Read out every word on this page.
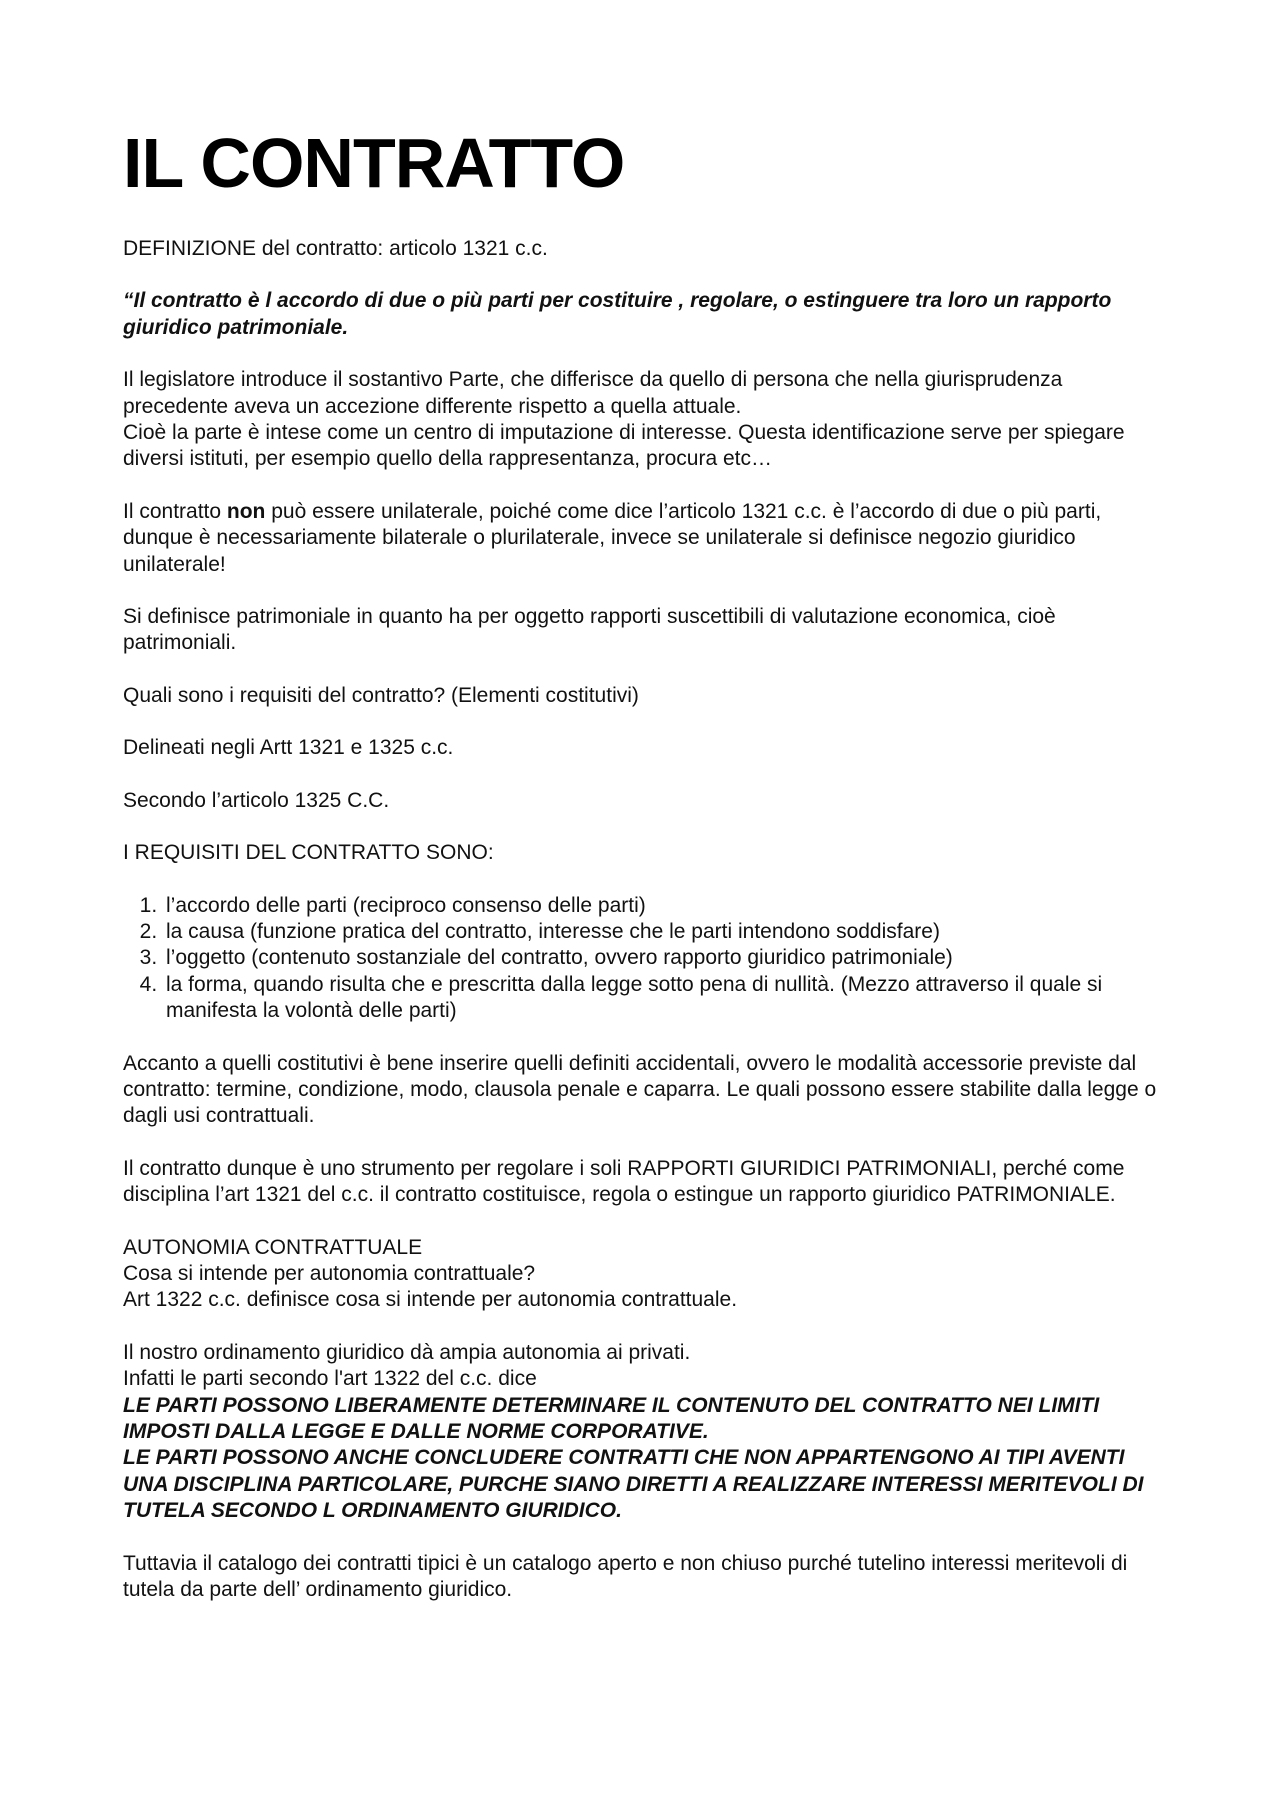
IL CONTRATTO

DEFINIZIONE del contratto: articolo 1321 c.c.

“Il contratto è l accordo di due o più parti per costituire , regolare, o estinguere tra loro un rapporto giuridico patrimoniale.

Il legislatore introduce il sostantivo Parte, che differisce da quello di persona che nella giurisprudenza precedente aveva un accezione differente rispetto a quella attuale.

Cioè la parte è intese come un centro di imputazione di interesse. Questa identificazione serve per spiegare diversi istituti, per esempio quello della rappresentanza, procura etc…

Il contratto non può essere unilaterale, poiché come dice l’articolo 1321 c.c. è l’accordo di due o più parti, dunque è necessariamente bilaterale o plurilaterale, invece se unilaterale si definisce negozio giuridico unilaterale!

Si definisce patrimoniale in quanto ha per oggetto rapporti suscettibili di valutazione economica, cioè patrimoniali.

Quali sono i requisiti del contratto? (Elementi costitutivi)

Delineati negli Artt 1321 e 1325 c.c.

Secondo l’articolo 1325 C.C.

I REQUISITI DEL CONTRATTO SONO:

1. l’accordo delle parti (reciproco consenso delle parti)
2. la causa (funzione pratica del contratto, interesse che le parti intendono soddisfare)
3. l’oggetto (contenuto sostanziale del contratto, ovvero rapporto giuridico patrimoniale)
4. la forma, quando risulta che e prescritta dalla legge sotto pena di nullità. (Mezzo attraverso il quale si manifesta la volontà delle parti)

Accanto a quelli costitutivi è bene inserire quelli definiti accidentali, ovvero le modalità accessorie previste dal contratto: termine, condizione, modo, clausola penale e caparra. Le quali possono essere stabilite dalla legge o dagli usi contrattuali.

Il contratto dunque è uno strumento per regolare i soli RAPPORTI GIURIDICI PATRIMONIALI, perché come disciplina l’art 1321 del c.c. il contratto costituisce, regola o estingue un rapporto giuridico PATRIMONIALE.

AUTONOMIA CONTRATTUALE

Cosa si intende per autonomia contrattuale?

Art 1322 c.c. definisce cosa si intende per autonomia contrattuale.

Il nostro ordinamento giuridico dà ampia autonomia ai privati.

Infatti le parti secondo l'art 1322 del c.c. dice

LE PARTI POSSONO LIBERAMENTE DETERMINARE IL CONTENUTO DEL CONTRATTO NEI LIMITI IMPOSTI DALLA LEGGE E DALLE NORME CORPORATIVE.

LE PARTI POSSONO ANCHE CONCLUDERE CONTRATTI CHE NON APPARTENGONO AI TIPI AVENTI UNA DISCIPLINA PARTICOLARE, PURCHE SIANO DIRETTI A REALIZZARE INTERESSI MERITEVOLI DI TUTELA SECONDO L ORDINAMENTO GIURIDICO.

Tuttavia il catalogo dei contratti tipici è un catalogo aperto e non chiuso purché tutelino interessi meritevoli di tutela da parte dell’ ordinamento giuridico.
